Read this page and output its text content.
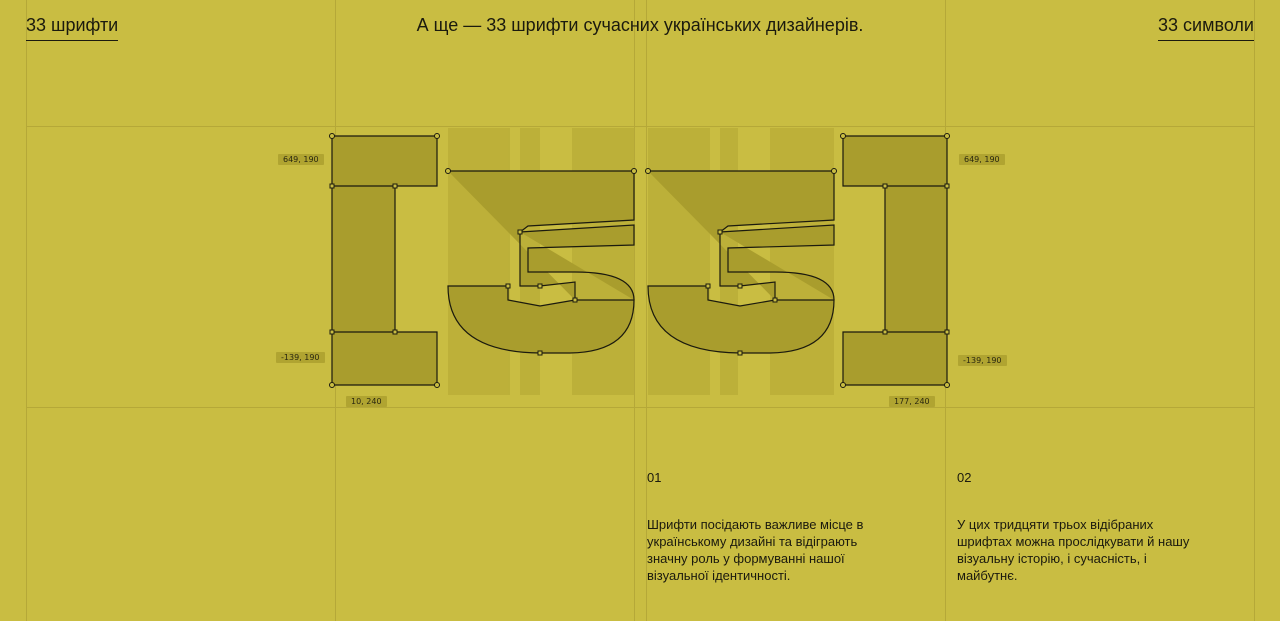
33 шрифти	А ще — 33 шрифти сучасних українських дизайнерів.	33 символи
649, 190
-139, 190
10, 240
649, 190
-139, 190
177, 240
01
Шрифти посідають важливе місце в українському дизайні та відіграють значну роль у формуванні нашої візуальної ідентичності.
02
У цих тридцяти трьох відібраних шрифтах можна прослідкувати й нашу візуальну історію, і сучасність, і майбутнє.
